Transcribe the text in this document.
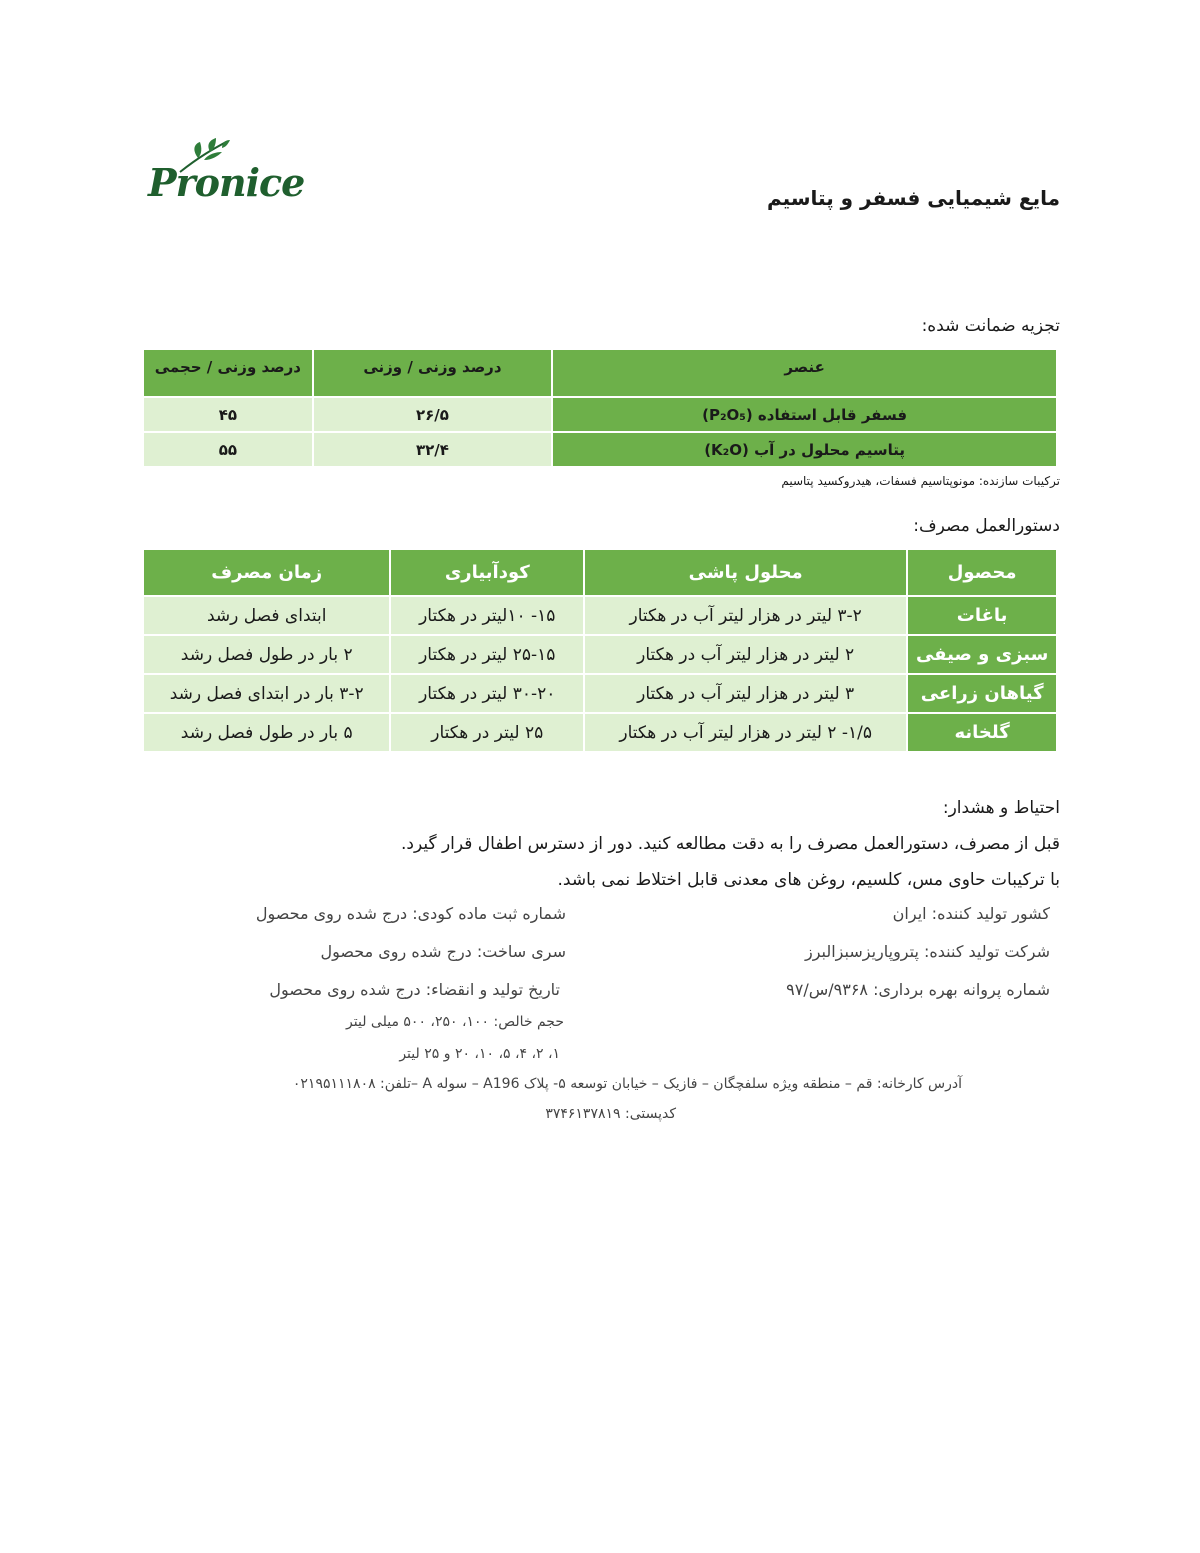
Pronice	مایع شیمیایی فسفر و پتاسیم
تجزیه ضمانت شده:
عنصر	درصد وزنی / وزنی	درصد وزنی / حجمی
فسفر قابل استفاده (P₂O₅)	۲۶/۵	۴۵
پتاسیم محلول در آب (K₂O)	۳۲/۴	۵۵
ترکیبات سازنده: مونوپتاسیم فسفات، هیدروکسید پتاسیم
دستورالعمل مصرف:
محصول	محلول پاشی	کودآبیاری	زمان مصرف
باغات	۳-۲ لیتر در هزار لیتر آب در هکتار	۱۵- ۱۰لیتر در هکتار	ابتدای فصل رشد
سبزی و صیفی	۲ لیتر در هزار لیتر آب در هکتار	۲۵-۱۵ لیتر در هکتار	۲ بار در طول فصل رشد
گیاهان زراعی	۳ لیتر در هزار لیتر آب در هکتار	۳۰-۲۰ لیتر در هکتار	۳-۲ بار در ابتدای فصل رشد
گلخانه	۱/۵- ۲ لیتر در هزار لیتر آب در هکتار	۲۵ لیتر در هکتار	۵ بار در طول فصل رشد
احتیاط و هشدار:
قبل از مصرف، دستورالعمل مصرف را به دقت مطالعه کنید. دور از دسترس اطفال قرار گیرد.
با ترکیبات حاوی مس، کلسیم، روغن های معدنی قابل اختلاط نمی باشد.
کشور تولید کننده: ایران
شرکت تولید کننده: پتروپاریزسبزالبرز
شماره پروانه بهره برداری: ۹۳۶۸/س/۹۷
شماره ثبت ماده کودی: درج شده روی محصول
سری ساخت: درج شده روی محصول
تاریخ تولید و انقضاء: درج شده روی محصول
حجم خالص: ۱۰۰، ۲۵۰، ۵۰۰ میلی لیتر
۱، ۲، ۴، ۵، ۱۰، ۲۰ و ۲۵ لیتر
آدرس کارخانه: قم – منطقه ویژه سلفچگان – فازیک – خیابان توسعه ۵- پلاک A196 – سوله A –تلفن: ۰۲۱۹۵۱۱۱۸۰۸
کدپستی: ۳۷۴۶۱۳۷۸۱۹
